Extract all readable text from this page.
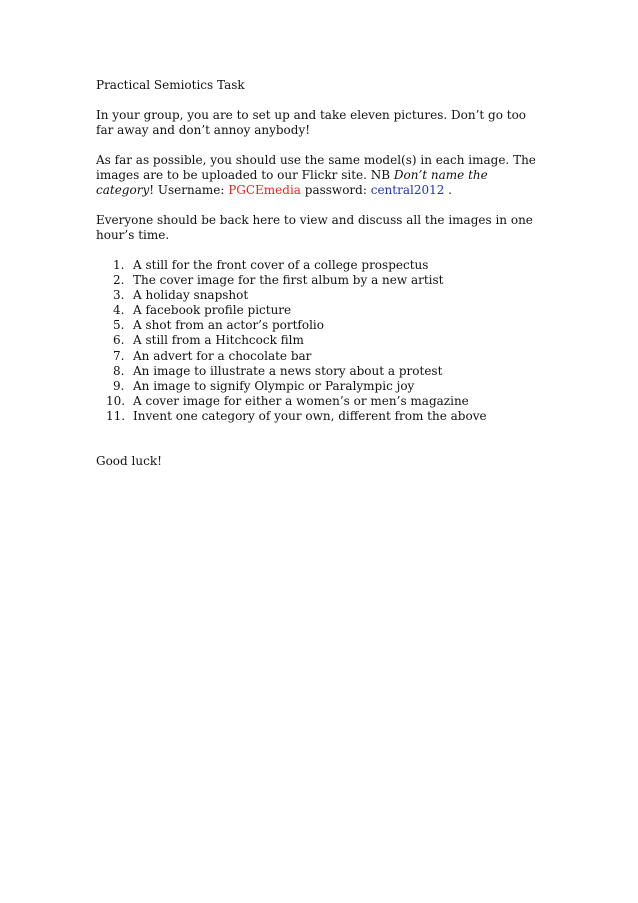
Practical Semiotics Task

In your group, you are to set up and take eleven pictures. Don’t go too far away and don’t annoy anybody!

As far as possible, you should use the same model(s) in each image. The images are to be uploaded to our Flickr site. NB Don’t name the category! Username: PGCEmedia password: central2012 .

Everyone should be back here to view and discuss all the images in one hour’s time.

1. A still for the front cover of a college prospectus
2. The cover image for the first album by a new artist
3. A holiday snapshot
4. A facebook profile picture
5. A shot from an actor’s portfolio
6. A still from a Hitchcock film
7. An advert for a chocolate bar
8. An image to illustrate a news story about a protest
9. An image to signify Olympic or Paralympic joy
10. A cover image for either a women’s or men’s magazine
11. Invent one category of your own, different from the above

Good luck!
